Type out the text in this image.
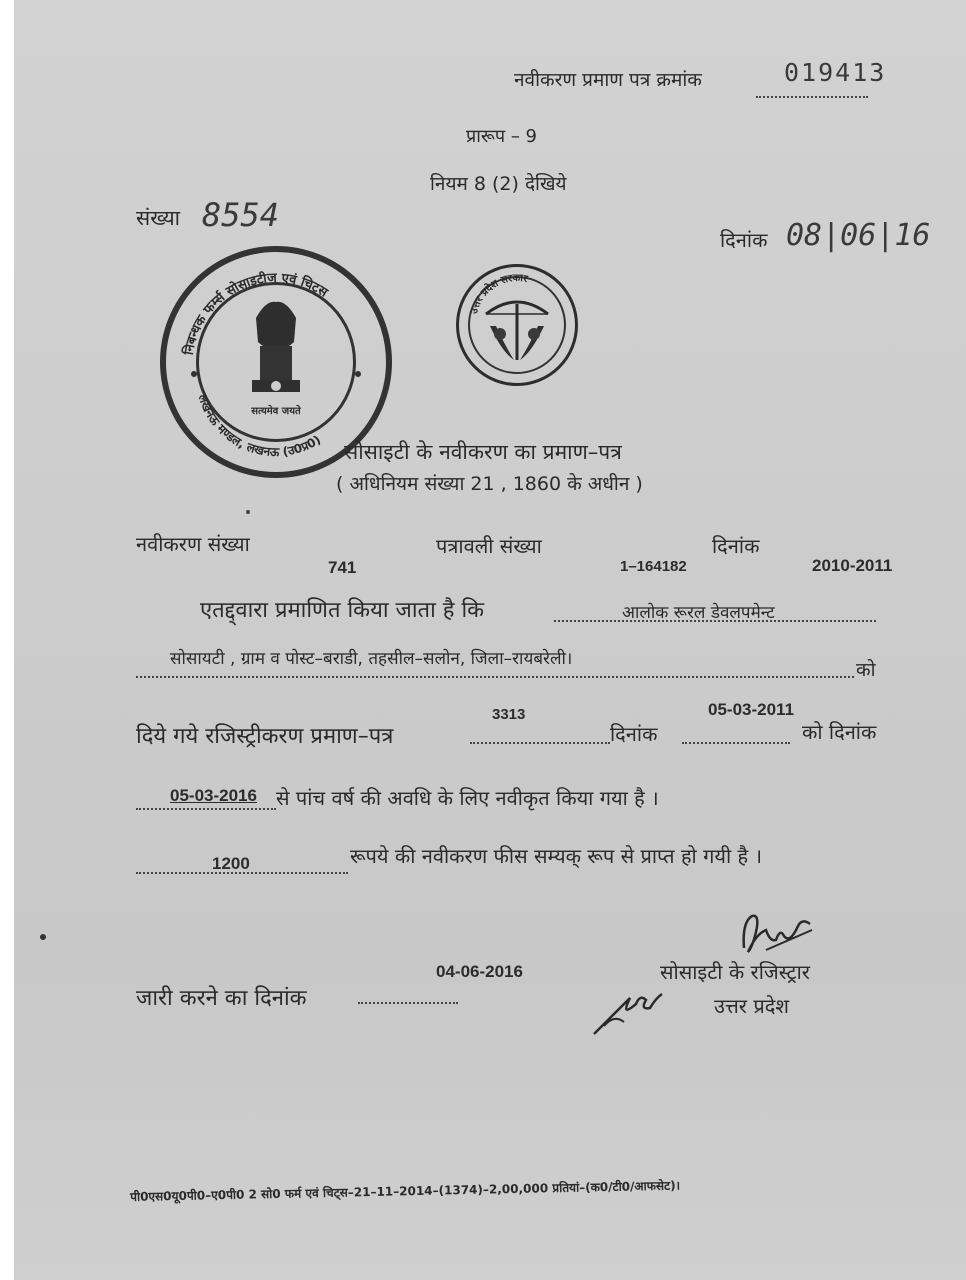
नवीकरण प्रमाण पत्र क्रमांक	019413
प्रारूप – 9
नियम 8 (2) देखिये
संख्या 8554
दिनांक 08|06|16
निबन्धक फर्म्स सोसाइटीज एवं चिट्स
लखनऊ मण्डल, लखनऊ (उ0प्र0)
सत्यमेव जयते
उत्तर प्रदेश सरकार
सोसाइटी के नवीकरण का प्रमाण–पत्र
( अधिनियम संख्या 21 , 1860 के अधीन )
नवीकरण संख्या
741
पत्रावली संख्या
1–164182
दिनांक
2010-2011
एतद्द्वारा प्रमाणित किया जाता है कि	आलोक रूरल डेवलपमेन्ट
सोसायटी , ग्राम व पोस्ट–बराडी, तहसील–सलोन, जिला–रायबरेली।	को
3313	05-03-2011
दिये गये रजिस्ट्रीकरण प्रमाण–पत्र	दिनांक	को दिनांक
05-03-2016 से पांच वर्ष की अवधि के लिए नवीकृत किया गया है ।
1200	रूपये की नवीकरण फीस सम्यक् रूप से प्राप्त हो गयी है ।
04-06-2016
जारी करने का दिनांक
सोसाइटी के रजिस्ट्रार
उत्तर प्रदेश
पी0एस0यू0पी0–ए0पी0 2 सो0 फर्म एवं चिट्स–21–11–2014–(1374)–2,00,000 प्रतियां–(क0/टी0/आफसेट)।
